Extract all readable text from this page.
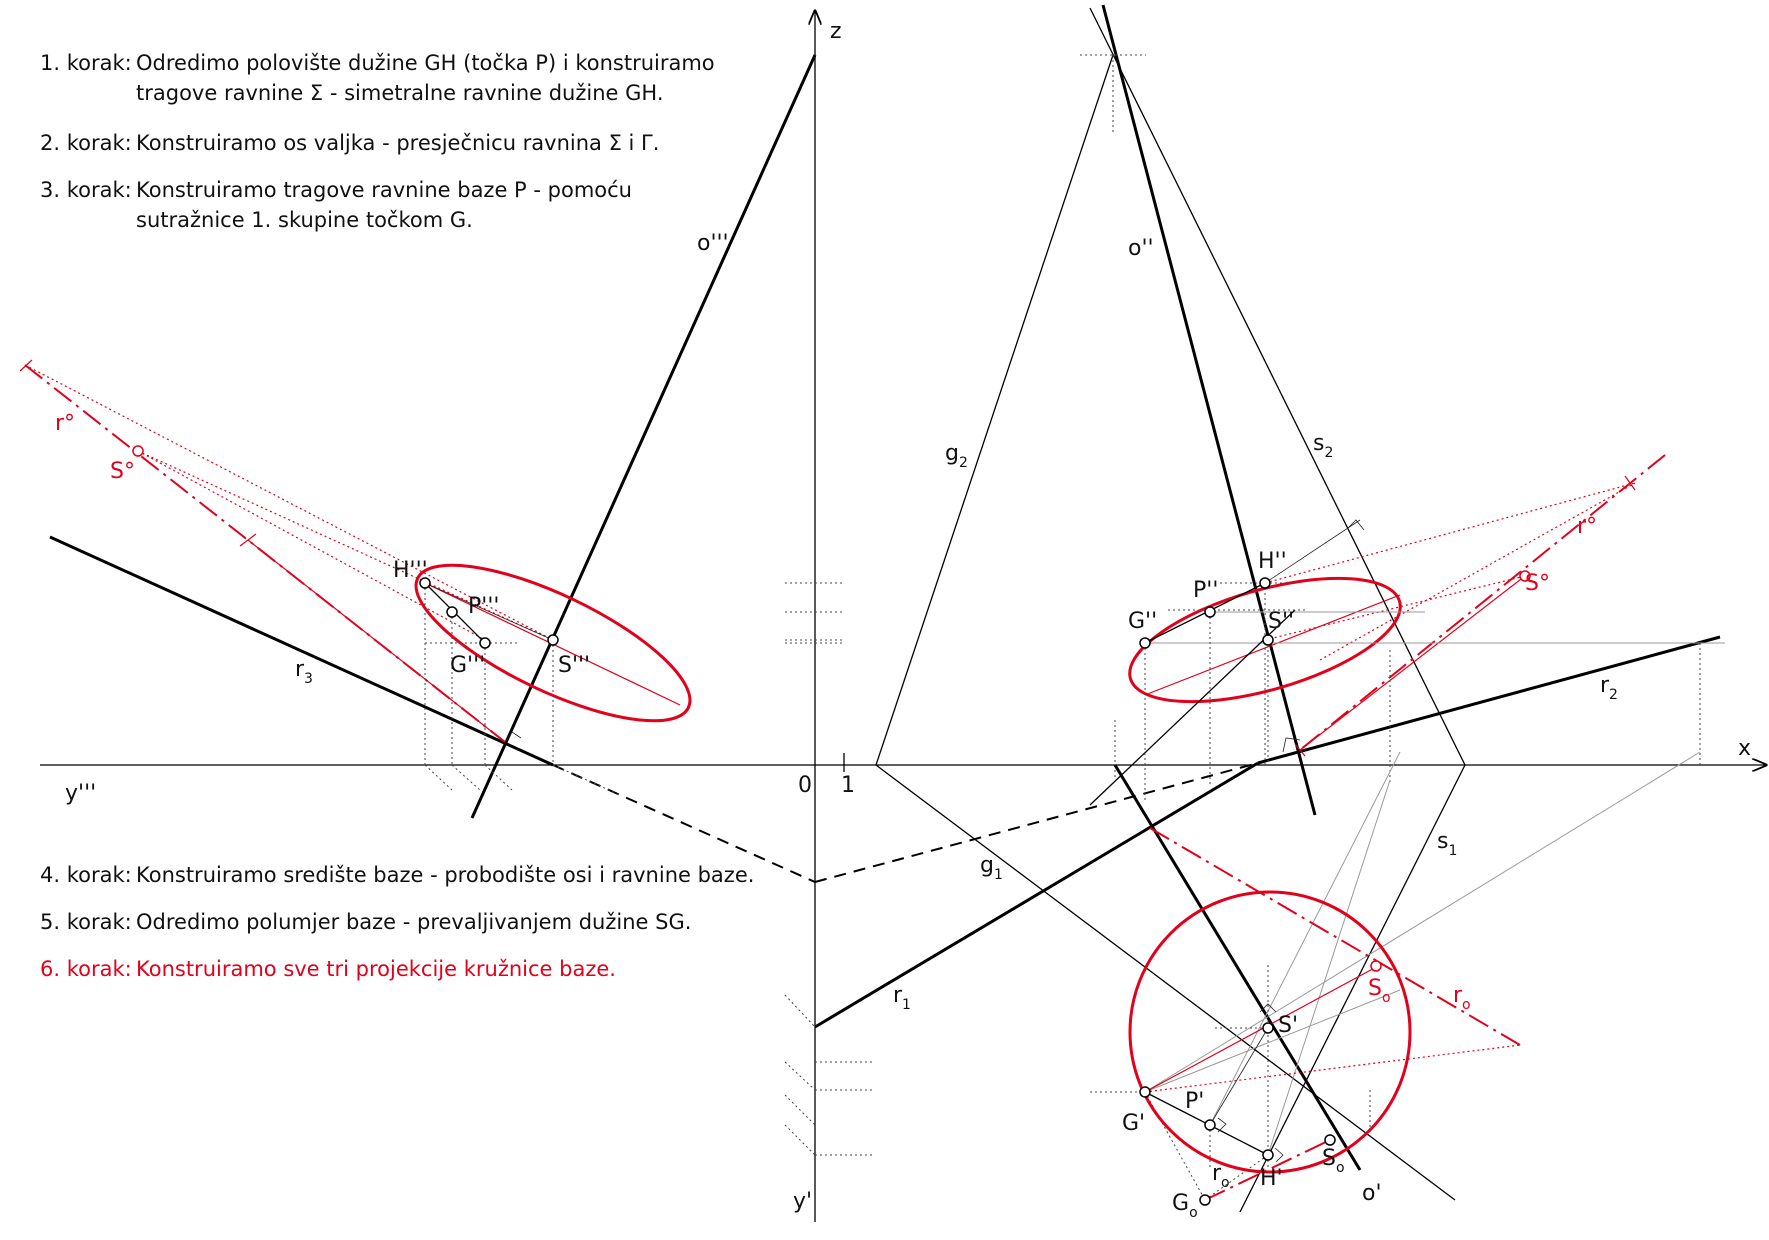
z
x
y'''
y'
0 1
o'''	o''
o'
$g_2$
$g_1$
$s_2$
$s_1$
$r_1$
$r_2$
$r_3$
H'''
P'''
G'''	S'''
H''
P''
G''	S''
H'
P'
G'
S'
r°
S°
r°
S°
$S_o$	$r_o$
$S_o$
$r_o$
$G_o$
1. korak: Odredimo polovište dužine GH (točka P) i konstruiramo
tragove ravnine Σ - simetralne ravnine dužine GH.
2. korak: Konstruiramo os valjka - presječnicu ravnina Σ i Γ.
3. korak: Konstruiramo tragove ravnine baze Ρ - pomoću
sutražnice 1. skupine točkom G.
4. korak: Konstruiramo središte baze - probodište osi i ravnine baze.
5. korak: Odredimo polumjer baze - prevaljivanjem dužine SG.
6. korak: Konstruiramo sve tri projekcije kružnice baze.
